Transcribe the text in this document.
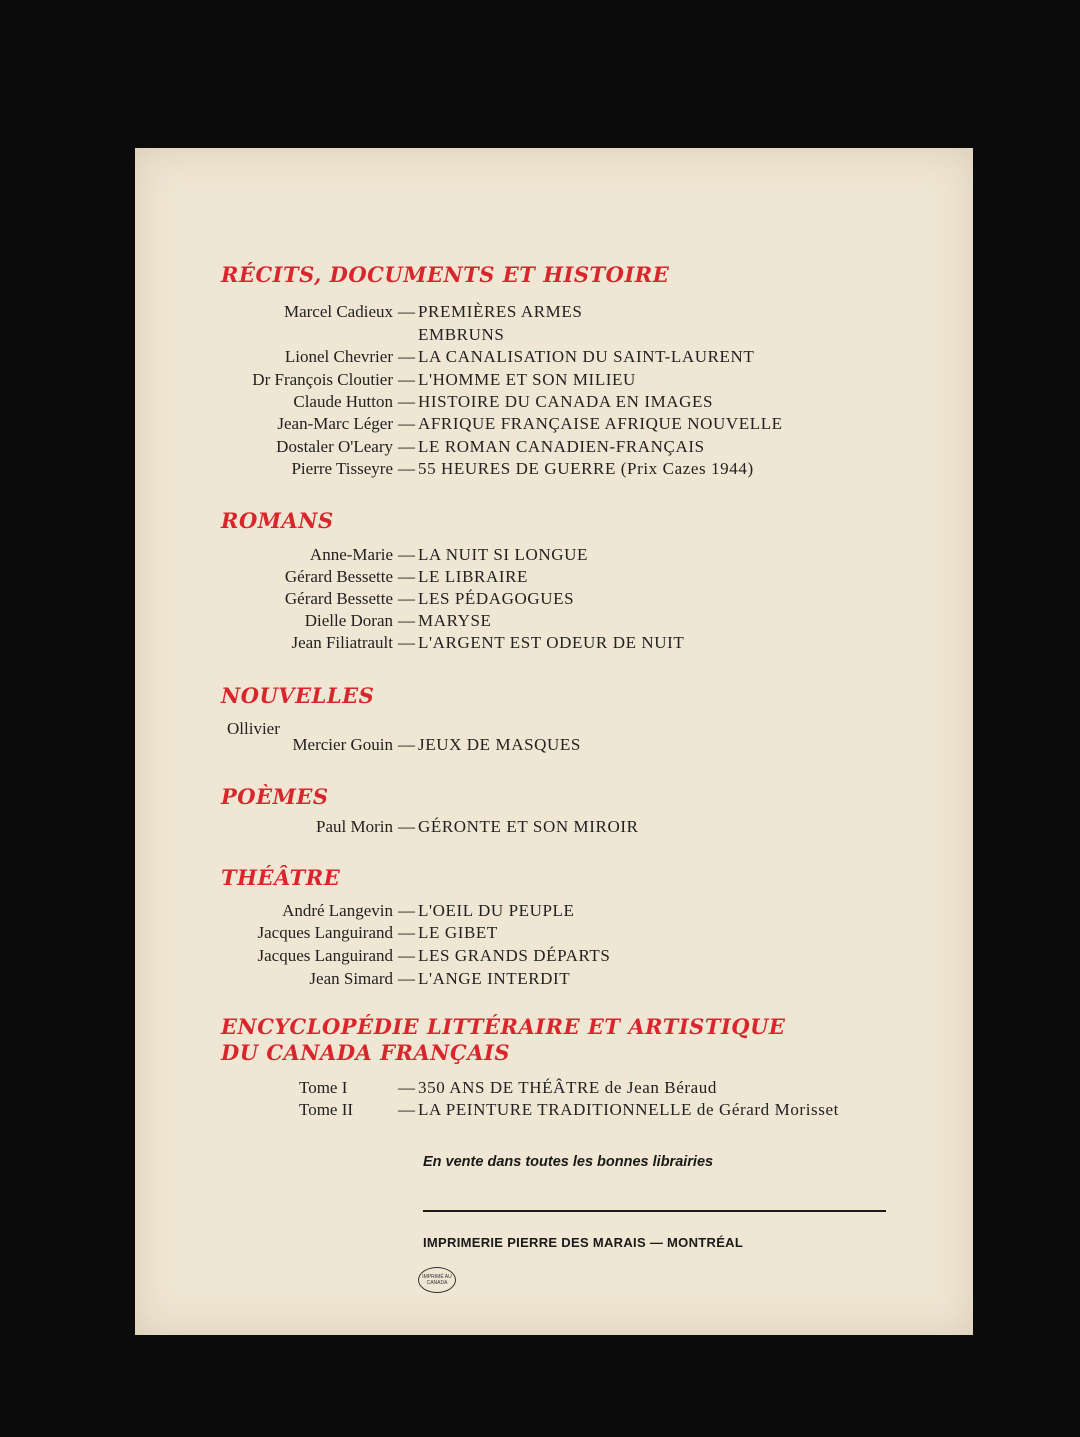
RÉCITS, DOCUMENTS ET HISTOIRE
Marcel Cadieux — PREMIÈRES ARMES
EMBRUNS
Lionel Chevrier — LA CANALISATION DU SAINT-LAURENT
Dr François Cloutier — L'HOMME ET SON MILIEU
Claude Hutton — HISTOIRE DU CANADA EN IMAGES
Jean-Marc Léger — AFRIQUE FRANÇAISE AFRIQUE NOUVELLE
Dostaler O'Leary — LE ROMAN CANADIEN-FRANÇAIS
Pierre Tisseyre — 55 HEURES DE GUERRE (Prix Cazes 1944)
ROMANS
Anne-Marie — LA NUIT SI LONGUE
Gérard Bessette — LE LIBRAIRE
Gérard Bessette — LES PÉDAGOGUES
Dielle Doran — MARYSE
Jean Filiatrault — L'ARGENT EST ODEUR DE NUIT
NOUVELLES
Ollivier
Mercier Gouin — JEUX DE MASQUES
POÈMES
Paul Morin — GÉRONTE ET SON MIROIR
THÉÂTRE
André Langevin — L'OEIL DU PEUPLE
Jacques Languirand — LE GIBET
Jacques Languirand — LES GRANDS DÉPARTS
Jean Simard — L'ANGE INTERDIT
ENCYCLOPÉDIE LITTÉRAIRE ET ARTISTIQUE
DU CANADA FRANÇAIS
Tome I	— 350 ANS DE THÉÂTRE de Jean Béraud
Tome II	— LA PEINTURE TRADITIONNELLE de Gérard Morisset
En vente dans toutes les bonnes librairies
IMPRIMERIE PIERRE DES MARAIS — MONTRÉAL
IMPRIMÉ AU CANADA
